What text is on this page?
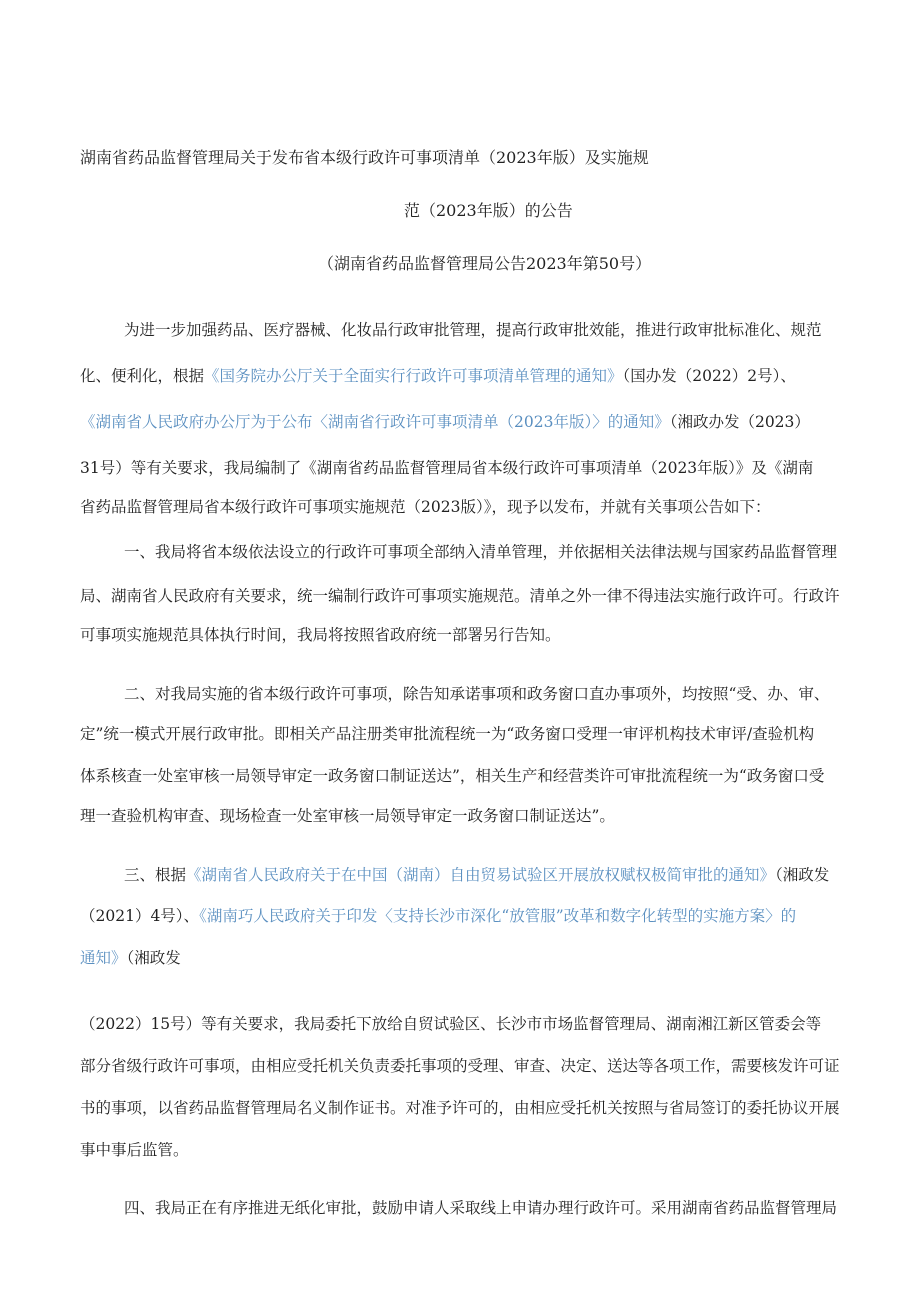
湖南省药品监督管理局关于发布省本级行政许可事项清单（2023年版）及实施规
范（2023年版）的公告
（湖南省药品监督管理局公告2023年第50号）
为进一步加强药品、医疗器械、化妆品行政审批管理，提高行政审批效能，推进行政审批标准化、规范
化、便利化，根据《国务院办公厅关于全面实行行政许可事项清单管理的通知》（国办发（2022）2号）、
《湖南省人民政府办公厅为于公布〈湖南省行政许可事项清单（2023年版）〉的通知》（湘政办发（2023）
31号）等有关要求，我局编制了《湖南省药品监督管理局省本级行政许可事项清单（2023年版）》及《湖南
省药品监督管理局省本级行政许可事项实施规范（2023版）》，现予以发布，并就有关事项公告如下：
一、我局将省本级依法设立的行政许可事项全部纳入清单管理，并依据相关法律法规与国家药品监督管理
局、湖南省人民政府有关要求，统一编制行政许可事项实施规范。清单之外一律不得违法实施行政许可。行政许
可事项实施规范具体执行时间，我局将按照省政府统一部署另行告知。
二、对我局实施的省本级行政许可事项，除告知承诺事项和政务窗口直办事项外，均按照“受、办、审、
定”统一模式开展行政审批。即相关产品注册类审批流程统一为“政务窗口受理一审评机构技术审评/查验机构
体系核查一处室审核一局领导审定一政务窗口制证送达”，相关生产和经营类许可审批流程统一为“政务窗口受
理一查验机构审查、现场检查一处室审核一局领导审定一政务窗口制证送达”。
三、根据《湖南省人民政府关于在中国（湖南）自由贸易试验区开展放权赋权极简审批的通知》（湘政发
（2021）4号）、《湖南巧人民政府关于印发〈支持长沙市深化“放管服”改革和数字化转型的实施方案〉的
通知》（湘政发
（2022）15号）等有关要求，我局委托下放给自贸试验区、长沙市市场监督管理局、湖南湘江新区管委会等
部分省级行政许可事项，由相应受托机关负责委托事项的受理、审查、决定、送达等各项工作，需要核发许可证
书的事项，以省药品监督管理局名义制作证书。对准予许可的，由相应受托机关按照与省局签订的委托协议开展
事中事后监管。
四、我局正在有序推进无纸化审批，鼓励申请人采取线上申请办理行政许可。采用湖南省药品监督管理局
